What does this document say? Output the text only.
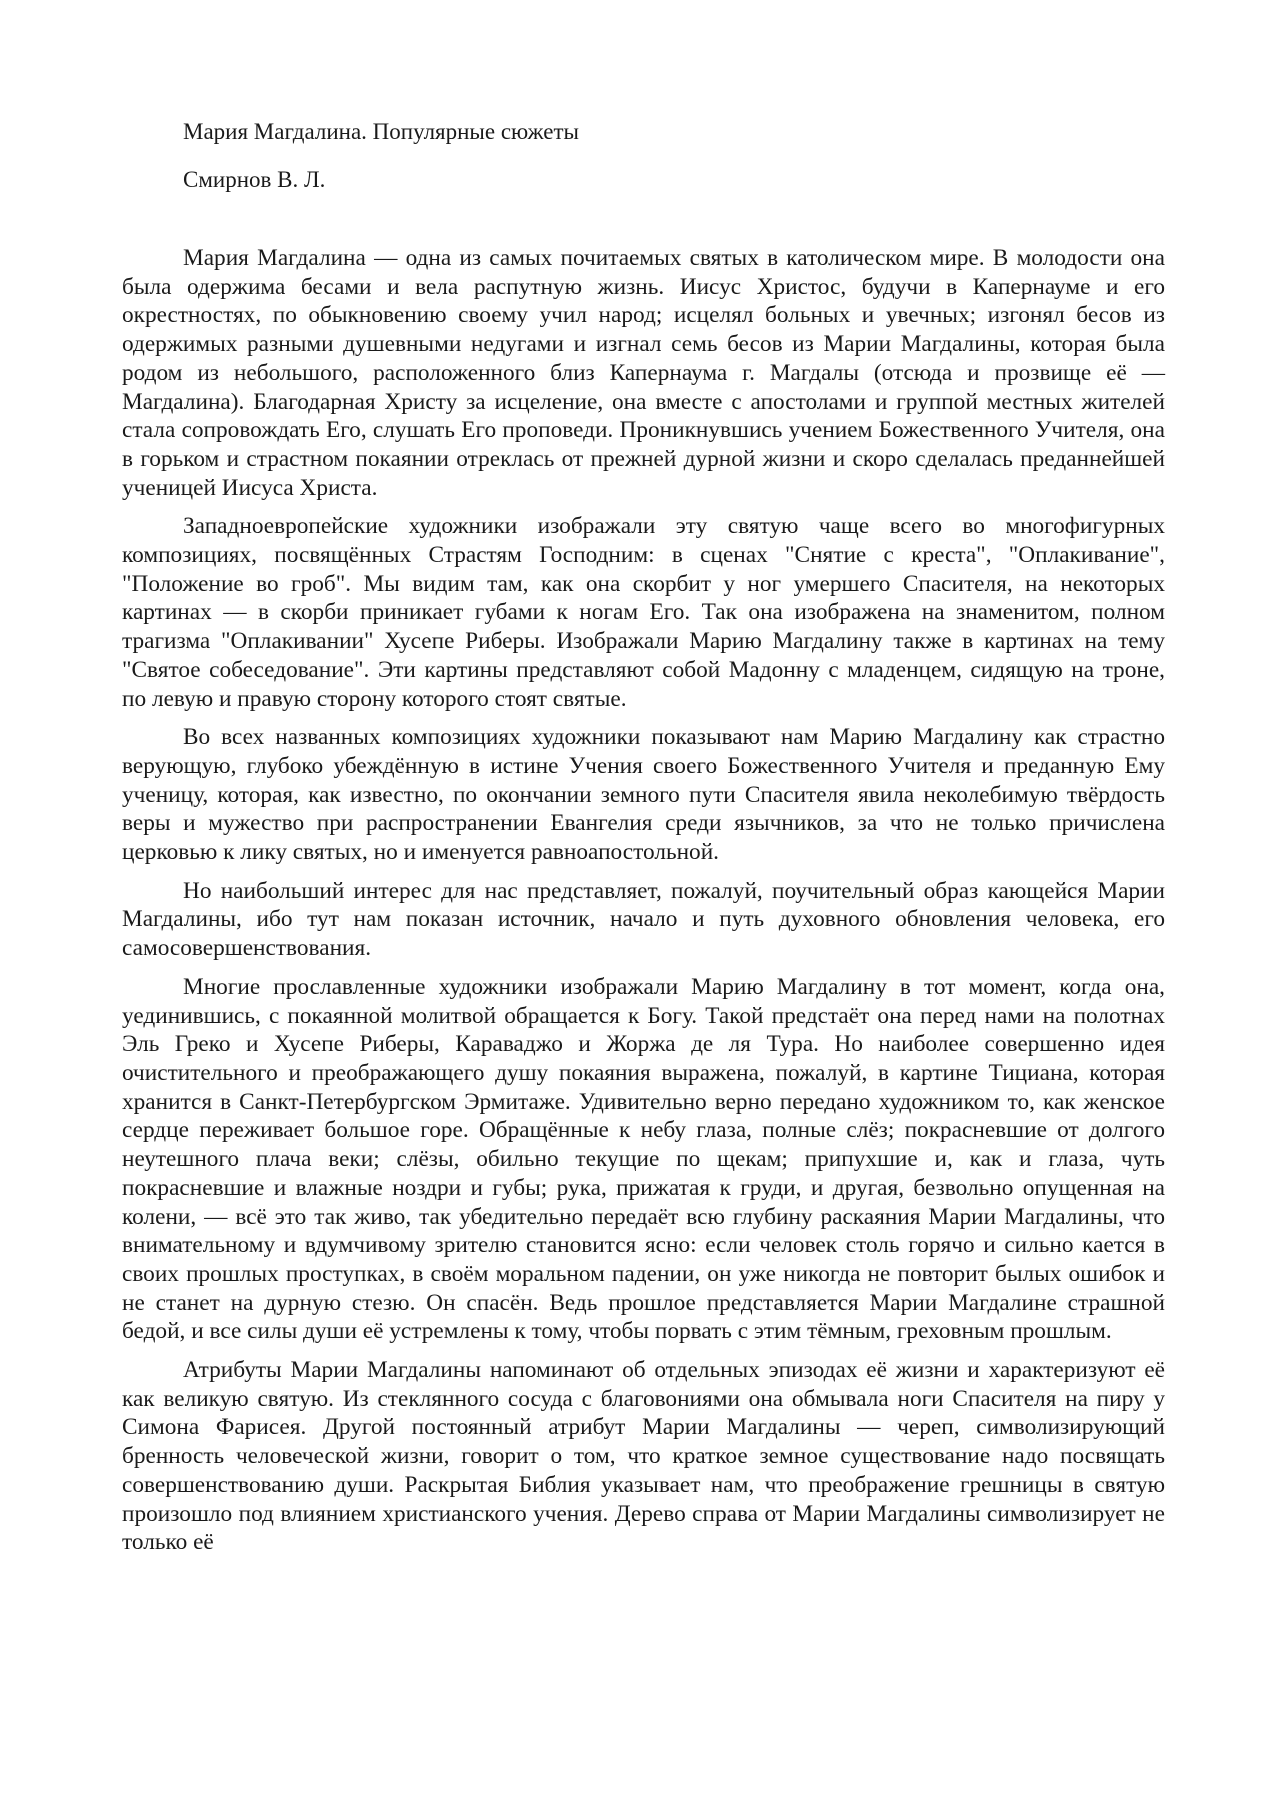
Мария Магдалина. Популярные сюжеты

Смирнов В. Л.

Мария Магдалина — одна из самых почитаемых святых в католическом мире. В молодости она была одержима бесами и вела распутную жизнь. Иисус Христос, будучи в Капернауме и его окрестностях, по обыкновению своему учил народ; исцелял больных и увечных; изгонял бесов из одержимых разными душевными недугами и изгнал семь бесов из Марии Магдалины, которая была родом из небольшого, расположенного близ Капернаума г. Магдалы (отсюда и прозвище её — Магдалина). Благодарная Христу за исцеление, она вместе с апостолами и группой местных жителей стала сопровождать Его, слушать Его проповеди. Проникнувшись учением Божественного Учителя, она в горьком и страстном покаянии отреклась от прежней дурной жизни и скоро сделалась преданнейшей ученицей Иисуса Христа.

Западноевропейские художники изображали эту святую чаще всего во многофигурных композициях, посвящённых Страстям Господним: в сценах "Снятие с креста", "Оплакивание", "Положение во гроб". Мы видим там, как она скорбит у ног умершего Спасителя, на некоторых картинах — в скорби приникает губами к ногам Его. Так она изображена на знаменитом, полном трагизма "Оплакивании" Хусепе Риберы. Изображали Марию Магдалину также в картинах на тему "Святое собеседование". Эти картины представляют собой Мадонну с младенцем, сидящую на троне, по левую и правую сторону которого стоят святые.

Во всех названных композициях художники показывают нам Марию Магдалину как страстно верующую, глубоко убеждённую в истине Учения своего Божественного Учителя и преданную Ему ученицу, которая, как известно, по окончании земного пути Спасителя явила неколебимую твёрдость веры и мужество при распространении Евангелия среди язычников, за что не только причислена церковью к лику святых, но и именуется равноапостольной.

Но наибольший интерес для нас представляет, пожалуй, поучительный образ кающейся Марии Магдалины, ибо тут нам показан источник, начало и путь духовного обновления человека, его самосовершенствования.

Многие прославленные художники изображали Марию Магдалину в тот момент, когда она, уединившись, с покаянной молитвой обращается к Богу. Такой предстаёт она перед нами на полотнах Эль Греко и Хусепе Риберы, Караваджо и Жоржа де ля Тура. Но наиболее совершенно идея очистительного и преображающего душу покаяния выражена, пожалуй, в картине Тициана, которая хранится в Санкт-Петербургском Эрмитаже. Удивительно верно передано художником то, как женское сердце переживает большое горе. Обращённые к небу глаза, полные слёз; покрасневшие от долгого неутешного плача веки; слёзы, обильно текущие по щекам; припухшие и, как и глаза, чуть покрасневшие и влажные ноздри и губы; рука, прижатая к груди, и другая, безвольно опущенная на колени, — всё это так живо, так убедительно передаёт всю глубину раскаяния Марии Магдалины, что внимательному и вдумчивому зрителю становится ясно: если человек столь горячо и сильно кается в своих прошлых проступках, в своём моральном падении, он уже никогда не повторит былых ошибок и не станет на дурную стезю. Он спасён. Ведь прошлое представляется Марии Магдалине страшной бедой, и все силы души её устремлены к тому, чтобы порвать с этим тёмным, греховным прошлым.

Атрибуты Марии Магдалины напоминают об отдельных эпизодах её жизни и характеризуют её как великую святую. Из стеклянного сосуда с благовониями она обмывала ноги Спасителя на пиру у Симона Фарисея. Другой постоянный атрибут Марии Магдалины — череп, символизирующий бренность человеческой жизни, говорит о том, что краткое земное существование надо посвящать совершенствованию души. Раскрытая Библия указывает нам, что преображение грешницы в святую произошло под влиянием христианского учения. Дерево справа от Марии Магдалины символизирует не только её
